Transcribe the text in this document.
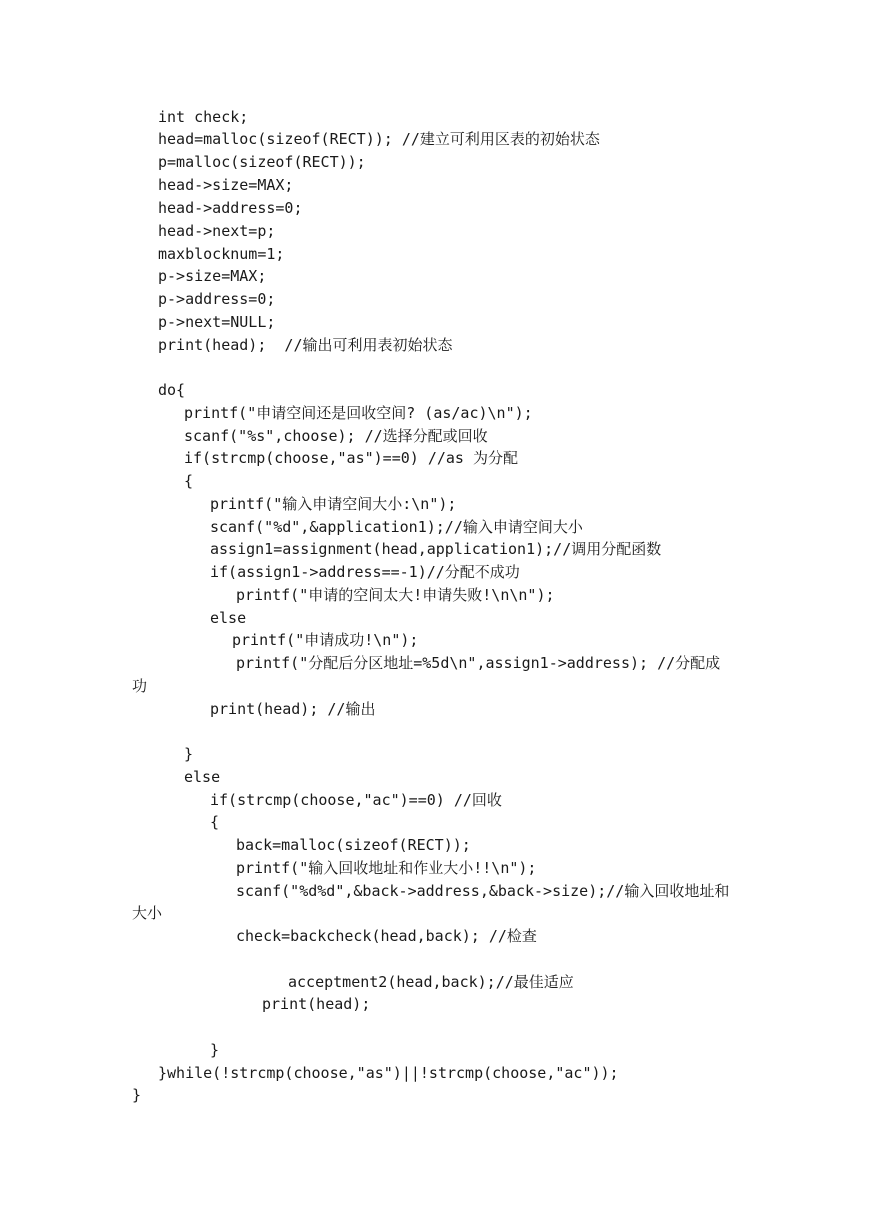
int check;
head=malloc(sizeof(RECT)); //建立可利用区表的初始状态
p=malloc(sizeof(RECT));
head->size=MAX;
head->address=0;
head->next=p;
maxblocknum=1;
p->size=MAX;
p->address=0;
p->next=NULL;
print(head);  //输出可利用表初始状态
do{
printf("申请空间还是回收空间? (as/ac)\n");
scanf("%s",choose); //选择分配或回收
if(strcmp(choose,"as")==0) //as 为分配
{
printf("输入申请空间大小:\n");
scanf("%d",&application1);//输入申请空间大小
assign1=assignment(head,application1);//调用分配函数
if(assign1->address==-1)//分配不成功
printf("申请的空间太大!申请失败!\n\n");
else
printf("申请成功!\n");
printf("分配后分区地址=%5d\n",assign1->address); //分配成
功
print(head); //输出
}
else
if(strcmp(choose,"ac")==0) //回收
{
back=malloc(sizeof(RECT));
printf("输入回收地址和作业大小!!\n");
scanf("%d%d",&back->address,&back->size);//输入回收地址和
大小
check=backcheck(head,back); //检查
acceptment2(head,back);//最佳适应
print(head);
}
}while(!strcmp(choose,"as")||!strcmp(choose,"ac"));
}
